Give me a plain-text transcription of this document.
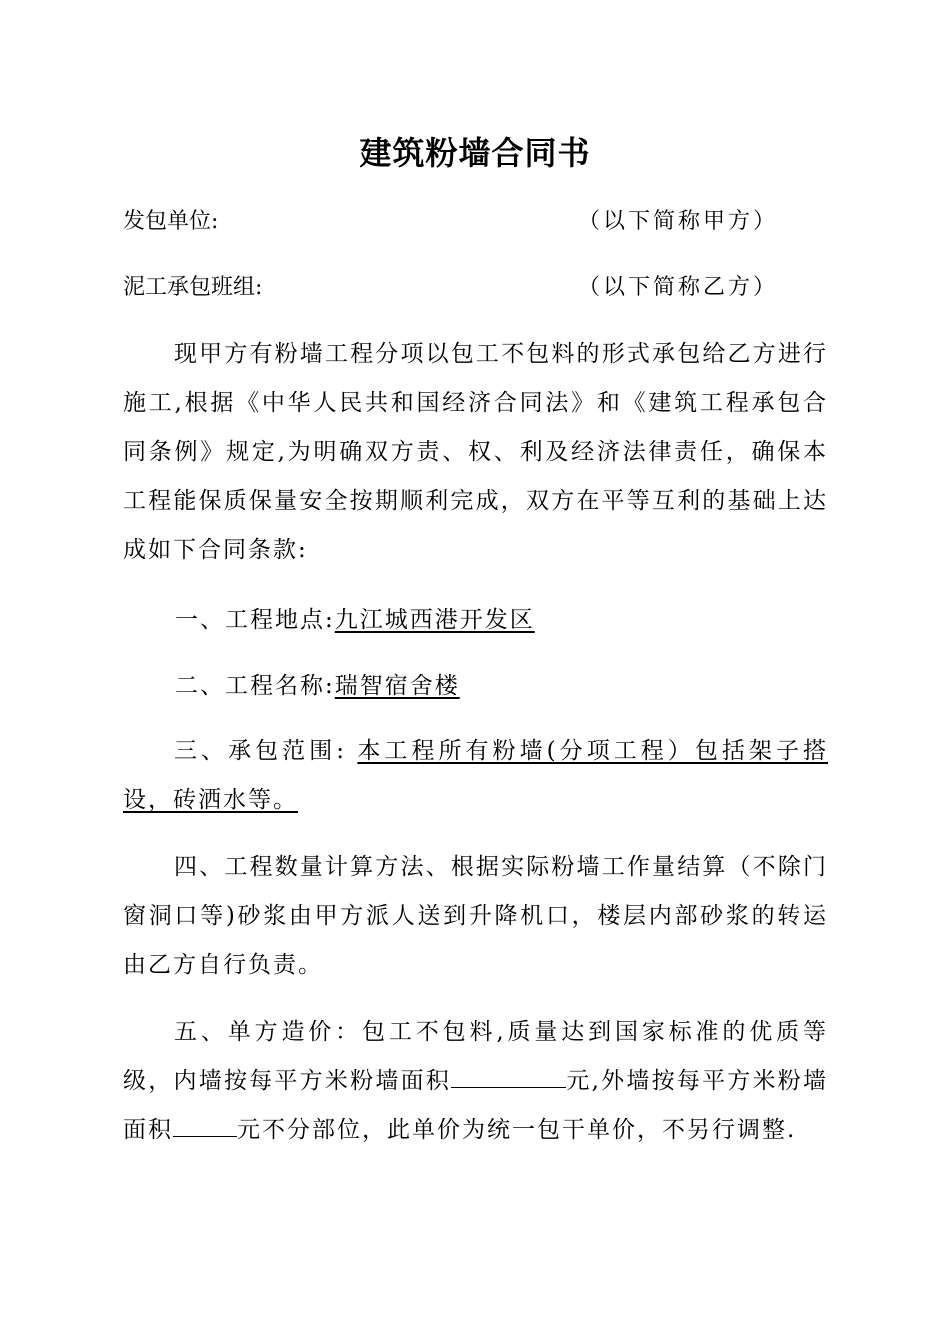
建筑粉墙合同书
发包单位:	（以下简称甲方）
泥工承包班组:	（以下简称乙方）
现甲方有粉墙工程分项以包工不包料的形式承包给乙方进行施工,根据《中华人民共和国经济合同法》和《建筑工程承包合同条例》规定,为明确双方责、权、利及经济法律责任，确保本工程能保质保量安全按期顺利完成，双方在平等互利的基础上达成如下合同条款:
一、工程地点:九江城西港开发区
二、工程名称:瑞智宿舍楼
三、承包范围: 本工程所有粉墙(分项工程）包括架子搭设，砖洒水等。
四、工程数量计算方法、根据实际粉墙工作量结算（不除门窗洞口等)砂浆由甲方派人送到升降机口，楼层内部砂浆的转运由乙方自行负责。
五、单方造价：包工不包料,质量达到国家标准的优质等级，内墙按每平方米粉墙面积	元,外墙按每平方米粉墙面积	元不分部位，此单价为统一包干单价，不另行调整.
